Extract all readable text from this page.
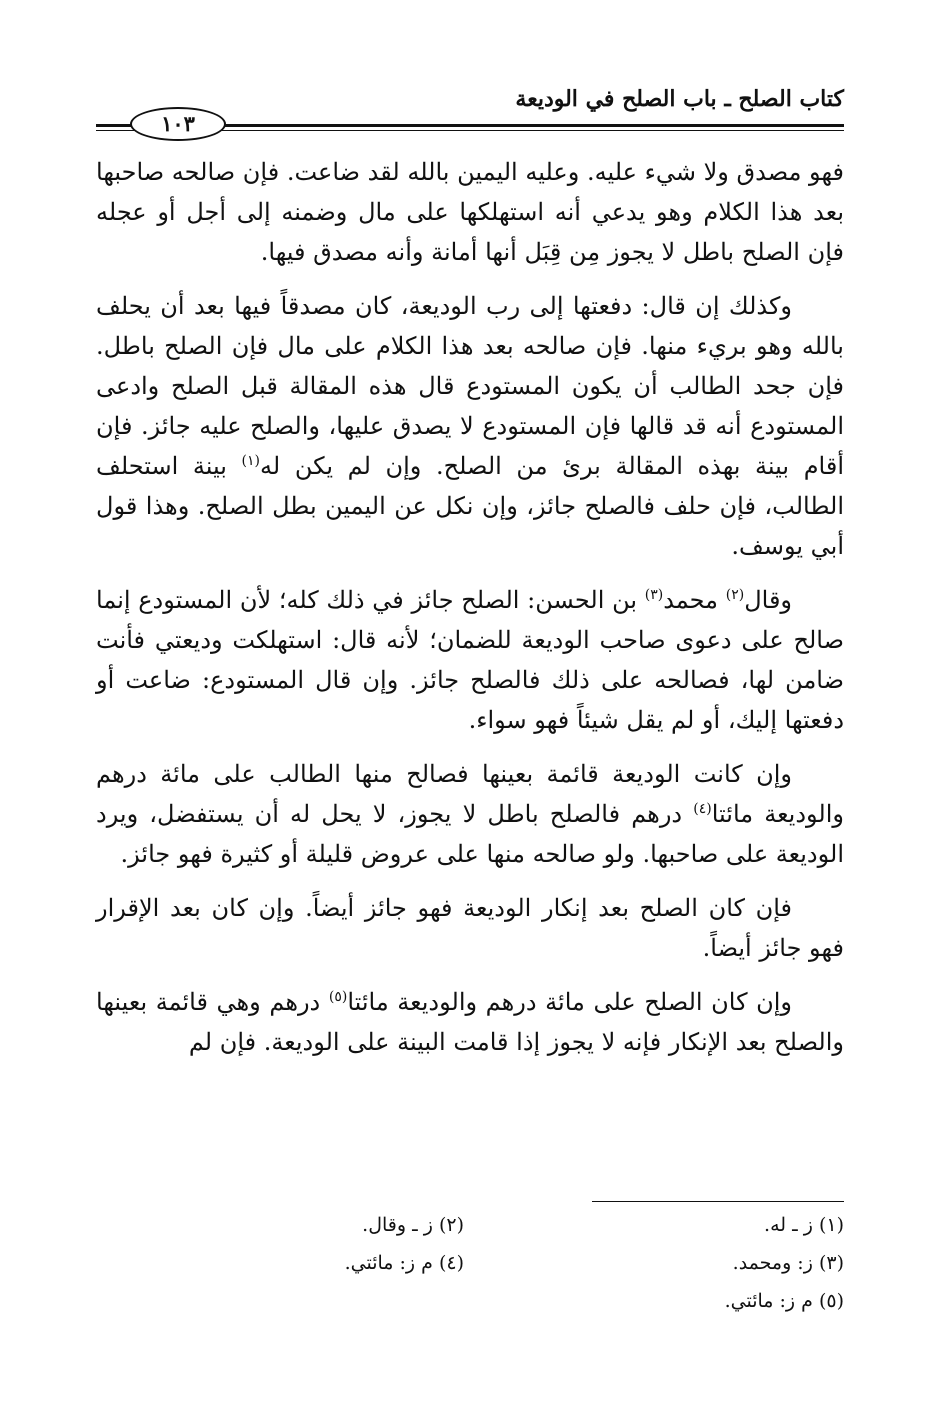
كتاب الصلح ـ باب الصلح في الوديعة
١٠٣

فهو مصدق ولا شيء عليه. وعليه اليمين بالله لقد ضاعت. فإن صالحه صاحبها بعد هذا الكلام وهو يدعي أنه استهلكها على مال وضمنه إلى أجل أو عجله فإن الصلح باطل لا يجوز مِن قِبَل أنها أمانة وأنه مصدق فيها.

وكذلك إن قال: دفعتها إلى رب الوديعة، كان مصدقاً فيها بعد أن يحلف بالله وهو بريء منها. فإن صالحه بعد هذا الكلام على مال فإن الصلح باطل. فإن جحد الطالب أن يكون المستودع قال هذه المقالة قبل الصلح وادعى المستودع أنه قد قالها فإن المستودع لا يصدق عليها، والصلح عليه جائز. فإن أقام بينة بهذه المقالة برئ من الصلح. وإن لم يكن له$^{(١)}$ بينة استحلف الطالب، فإن حلف فالصلح جائز، وإن نكل عن اليمين بطل الصلح. وهذا قول أبي يوسف.

وقال$^{(٢)}$ محمد$^{(٣)}$ بن الحسن: الصلح جائز في ذلك كله؛ لأن المستودع إنما صالح على دعوى صاحب الوديعة للضمان؛ لأنه قال: استهلكت وديعتي فأنت ضامن لها، فصالحه على ذلك فالصلح جائز. وإن قال المستودع: ضاعت أو دفعتها إليك، أو لم يقل شيئاً فهو سواء.

وإن كانت الوديعة قائمة بعينها فصالح منها الطالب على مائة درهم والوديعة مائتا$^{(٤)}$ درهم فالصلح باطل لا يجوز، لا يحل له أن يستفضل، ويرد الوديعة على صاحبها. ولو صالحه منها على عروض قليلة أو كثيرة فهو جائز.

فإن كان الصلح بعد إنكار الوديعة فهو جائز أيضاً. وإن كان بعد الإقرار فهو جائز أيضاً.

وإن كان الصلح على مائة درهم والوديعة مائتا$^{(٥)}$ درهم وهي قائمة بعينها والصلح بعد الإنكار فإنه لا يجوز إذا قامت البينة على الوديعة. فإن لم

(١) ز ـ له.
(٢) ز ـ وقال.
(٣) ز: ومحمد.
(٤) م ز: مائتي.
(٥) م ز: مائتي.
